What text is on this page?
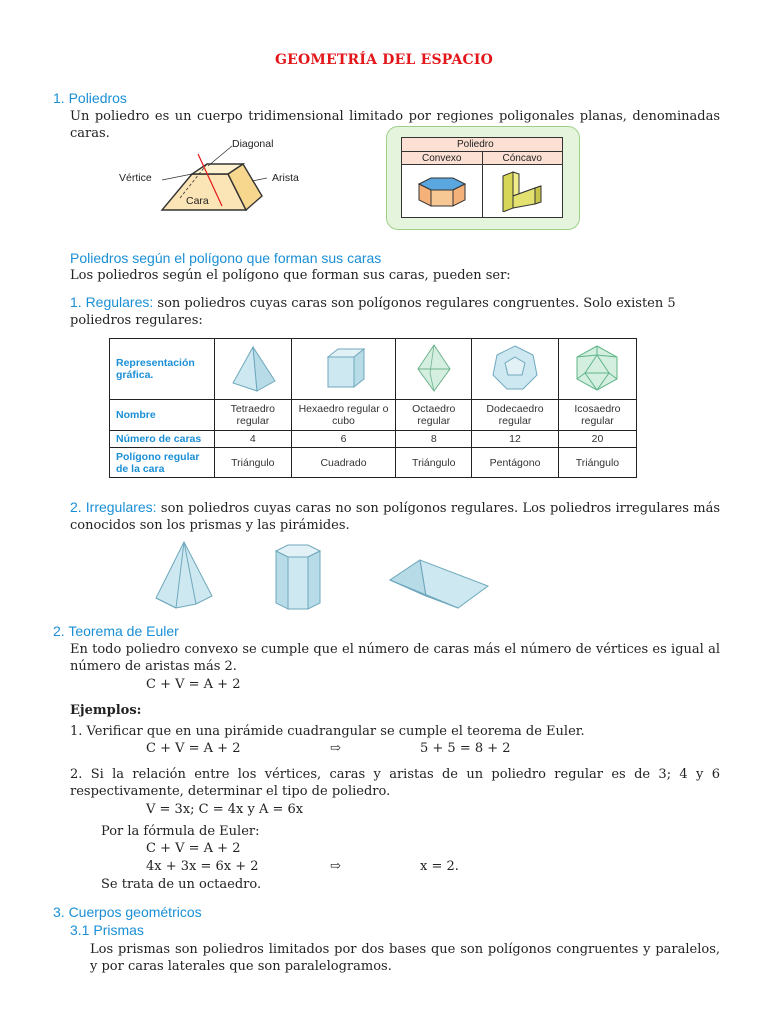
GEOMETRÍA DEL ESPACIO
1. Poliedros
Un poliedro es un cuerpo tridimensional limitado por regiones poligonales planas, denominadas caras.
Diagonal
Vértice	Arista
Cara
Poliedro	
Convexo	Cóncavo

Poliedros según el polígono que forman sus caras
Los poliedros según el polígono que forman sus caras, pueden ser:
1. Regulares: son poliedros cuyas caras son polígonos regulares congruentes. Solo existen 5 poliedros regulares:
Representación gráfica.					
Nombre	Tetraedro regular	Hexaedro regular o cubo	Octaedro regular	Dodecaedro regular	Icosaedro regular
Número de caras	4	6	8	12	20
Polígono regular de la cara	Triángulo	Cuadrado	Triángulo	Pentágono	Triángulo
2. Irregulares: son poliedros cuyas caras no son polígonos regulares. Los poliedros irregulares más conocidos son los prismas y las pirámides.
2. Teorema de Euler
En todo poliedro convexo se cumple que el número de caras más el número de vértices es igual al número de aristas más 2.
C + V = A + 2
Ejemplos:
1. Verificar que en una pirámide cuadrangular se cumple el teorema de Euler.
C + V = A + 2	⇨	5 + 5 = 8 + 2
2. Si la relación entre los vértices, caras y aristas de un poliedro regular es de 3; 4 y 6 respectivamente, determinar el tipo de poliedro.
V = 3x; C = 4x y A = 6x
Por la fórmula de Euler:
C + V = A + 2
4x + 3x = 6x + 2	⇨	x = 2.
Se trata de un octaedro.
3. Cuerpos geométricos
3.1 Prismas
Los prismas son poliedros limitados por dos bases que son polígonos congruentes y paralelos, y por caras laterales que son paralelogramos.
